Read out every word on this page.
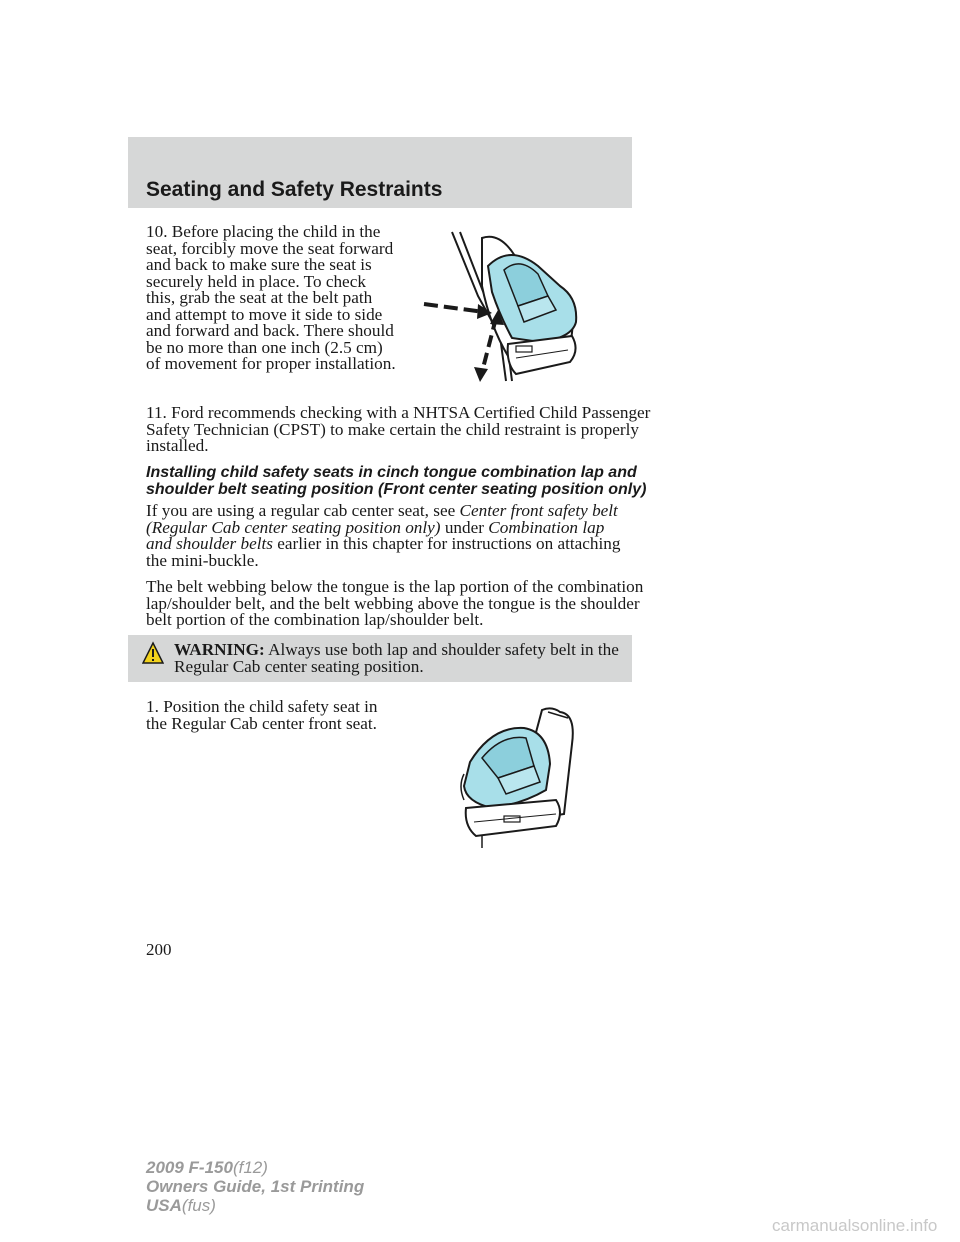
Seating and Safety Restraints
10. Before placing the child in the
seat, forcibly move the seat forward
and back to make sure the seat is
securely held in place. To check
this, grab the seat at the belt path
and attempt to move it side to side
and forward and back. There should
be no more than one inch (2.5 cm)
of movement for proper installation.
11. Ford recommends checking with a NHTSA Certified Child Passenger
Safety Technician (CPST) to make certain the child restraint is properly
installed.
Installing child safety seats in cinch tongue combination lap and
shoulder belt seating position (Front center seating position only)
If you are using a regular cab center seat, see Center front safety belt
(Regular Cab center seating position only) under Combination lap
and shoulder belts earlier in this chapter for instructions on attaching
the mini-buckle.
The belt webbing below the tongue is the lap portion of the combination
lap/shoulder belt, and the belt webbing above the tongue is the shoulder
belt portion of the combination lap/shoulder belt.
WARNING: Always use both lap and shoulder safety belt in the
Regular Cab center seating position.
1. Position the child safety seat in
the Regular Cab center front seat.
200
2009 F-150(f12)
Owners Guide, 1st Printing
USA(fus)
carmanualsonline.info
